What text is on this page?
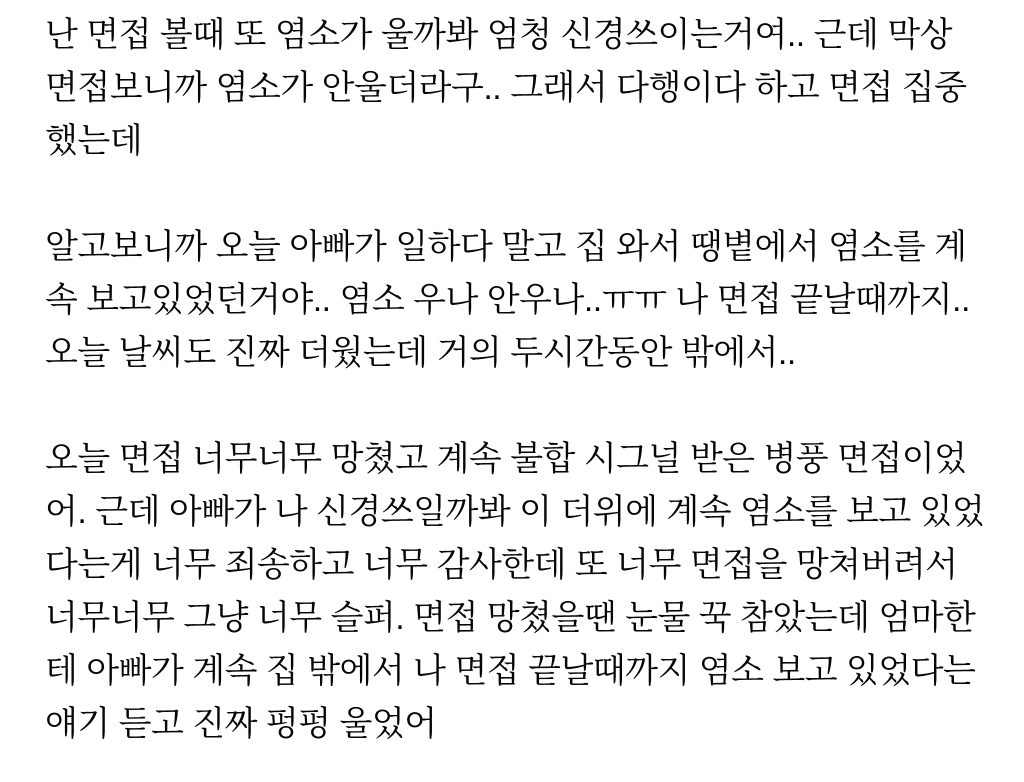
난 면접 볼때 또 염소가 울까봐 엄청 신경쓰이는거여.. 근데 막상
면접보니까 염소가 안울더라구.. 그래서 다행이다 하고 면접 집중
했는데
알고보니까 오늘 아빠가 일하다 말고 집 와서 땡볕에서 염소를 계
속 보고있었던거야.. 염소 우나 안우나..ㅠㅠ 나 면접 끝날때까지..
오늘 날씨도 진짜 더웠는데 거의 두시간동안 밖에서..
오늘 면접 너무너무 망쳤고 계속 불합 시그널 받은 병풍 면접이었
어. 근데 아빠가 나 신경쓰일까봐 이 더위에 계속 염소를 보고 있었
다는게 너무 죄송하고 너무 감사한데 또 너무 면접을 망쳐버려서
너무너무 그냥 너무 슬퍼. 면접 망쳤을땐 눈물 꾹 참았는데 엄마한
테 아빠가 계속 집 밖에서 나 면접 끝날때까지 염소 보고 있었다는
얘기 듣고 진짜 펑펑 울었어
